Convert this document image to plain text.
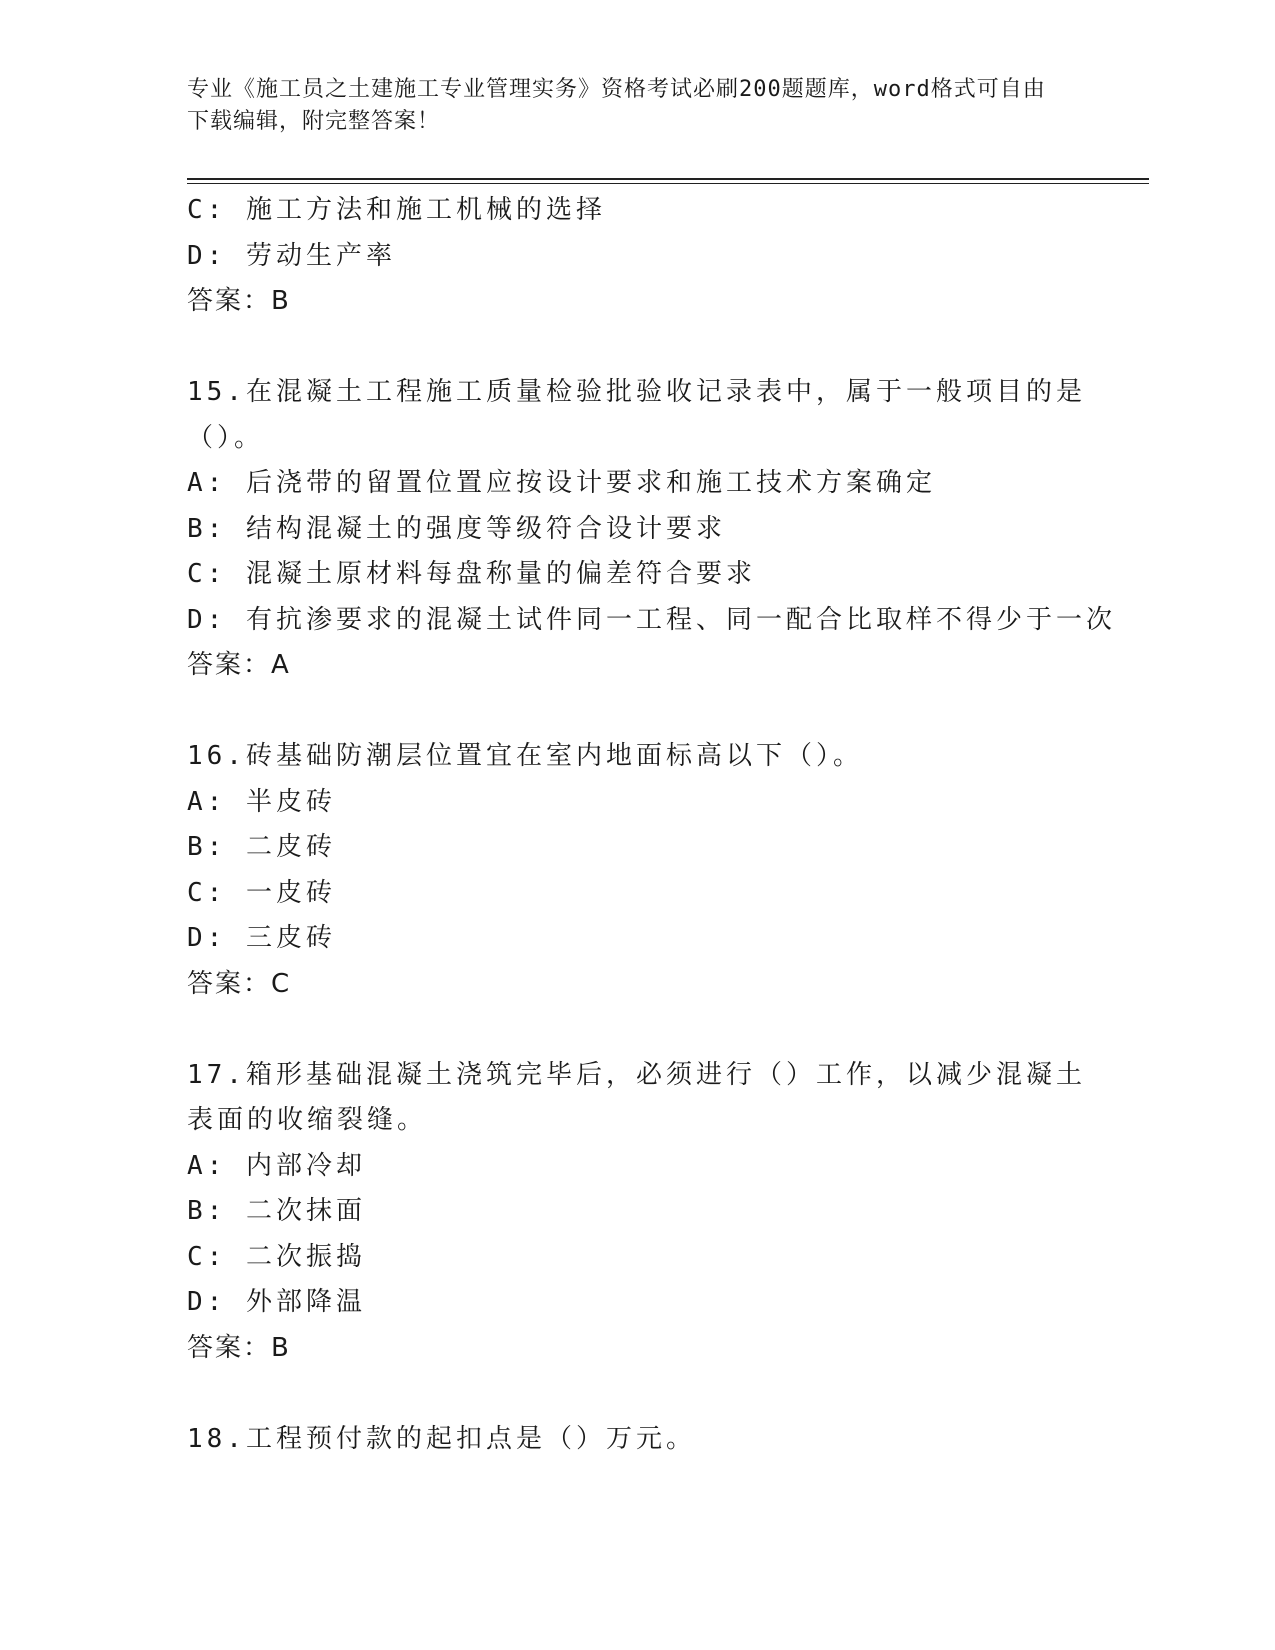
专业《施工员之土建施工专业管理实务》资格考试必刷200题题库，word格式可自由下载编辑，附完整答案！
C: 施工方法和施工机械的选择
D: 劳动生产率
答案：B
15.在混凝土工程施工质量检验批验收记录表中，属于一般项目的是（）。
A: 后浇带的留置位置应按设计要求和施工技术方案确定
B: 结构混凝土的强度等级符合设计要求
C: 混凝土原材料每盘称量的偏差符合要求
D: 有抗渗要求的混凝土试件同一工程、同一配合比取样不得少于一次
答案：A
16.砖基础防潮层位置宜在室内地面标高以下（）。
A: 半皮砖
B: 二皮砖
C: 一皮砖
D: 三皮砖
答案：C
17.箱形基础混凝土浇筑完毕后，必须进行（）工作，以减少混凝土表面的收缩裂缝。
A: 内部冷却
B: 二次抹面
C: 二次振捣
D: 外部降温
答案：B
18.工程预付款的起扣点是（）万元。
